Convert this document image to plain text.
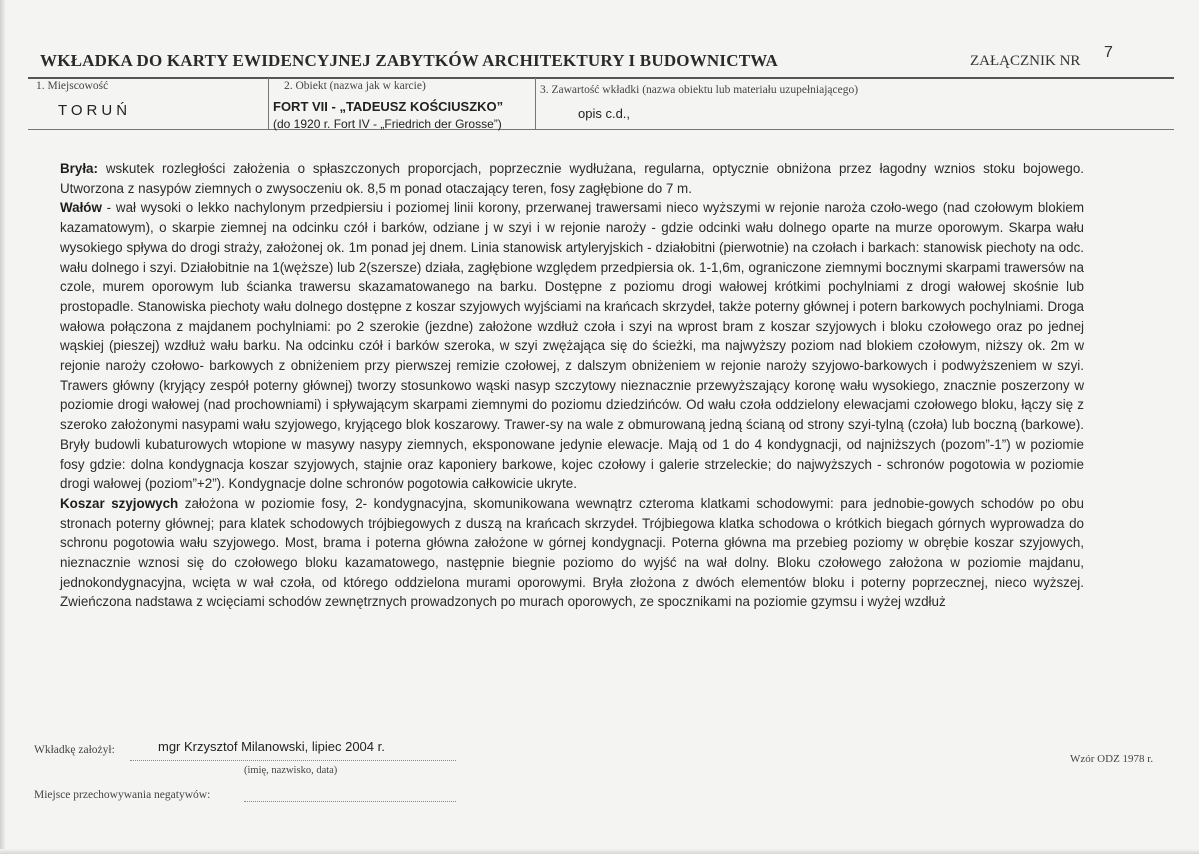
WKŁADKA DO KARTY EWIDENCYJNEJ ZABYTKÓW ARCHITEKTURY I BUDOWNICTWA	ZAŁĄCZNIK NR 7
1. Miejscowość
TORUŃ
2. Obiekt (nazwa jak w karcie)
FORT VII - „TADEUSZ KOŚCIUSZKO”
(do 1920 r. Fort IV - „Friedrich der Grosse”)
3. Zawartość wkładki (nazwa obiektu lub materiału uzupełniającego)
opis c.d.,

Bryła: wskutek rozległości założenia o spłaszczonych proporcjach, poprzecznie wydłużana, regularna, optycznie obniżona przez łagodny wznios stoku bojowego. Utworzona z nasypów ziemnych o zwysoczeniu ok. 8,5 m ponad otaczający teren, fosy zagłębione do 7 m.

Wałów - wał wysoki o lekko nachylonym przedpiersiu i poziomej linii korony, przerwanej trawersami nieco wyższymi w rejonie naroża czoło-wego (nad czołowym blokiem kazamatowym), o skarpie ziemnej na odcinku czół i barków, odziane j w szyi i w rejonie naroży - gdzie odcinki wału dolnego oparte na murze oporowym. Skarpa wału wysokiego spływa do drogi straży, założonej ok. 1m ponad jej dnem. Linia stanowisk artyleryjskich - działobitni (pierwotnie) na czołach i barkach: stanowisk piechoty na odc. wału dolnego i szyi. Działobitnie na 1(węższe) lub 2(szersze) działa, zagłębione względem przedpiersia ok. 1-1,6m, ograniczone ziemnymi bocznymi skarpami trawersów na czole, murem oporowym lub ścianka trawersu skazamatowanego na barku. Dostępne z poziomu drogi wałowej krótkimi pochylniami z drogi wałowej skośnie lub prostopadle. Stanowiska piechoty wału dolnego dostępne z koszar szyjowych wyjściami na krańcach skrzydeł, także poterny głównej i potern barkowych pochylniami. Droga wałowa połączona z majdanem pochylniami: po 2 szerokie (jezdne) założone wzdłuż czoła i szyi na wprost bram z koszar szyjowych i bloku czołowego oraz po jednej wąskiej (pieszej) wzdłuż wału barku. Na odcinku czół i barków szeroka, w szyi zwężająca się do ścieżki, ma najwyższy poziom nad blokiem czołowym, niższy ok. 2m w rejonie naroży czołowo- barkowych z obniżeniem przy pierwszej remizie czołowej, z dalszym obniżeniem w rejonie naroży szyjowo-barkowych i podwyższeniem w szyi. Trawers główny (kryjący zespół poterny głównej) tworzy stosunkowo wąski nasyp szczytowy nieznacznie przewyższający koronę wału wysokiego, znacznie poszerzony w poziomie drogi wałowej (nad prochowniami) i spływającym skarpami ziemnymi do poziomu dziedzińców. Od wału czoła oddzielony elewacjami czołowego bloku, łączy się z szeroko założonymi nasypami wału szyjowego, kryjącego blok koszarowy. Trawer-sy na wale z obmurowaną jedną ścianą od strony szyi-tylną (czoła) lub boczną (barkowe). Bryły budowli kubaturowych wtopione w masywy nasypy ziemnych, eksponowane jedynie elewacje. Mają od 1 do 4 kondygnacji, od najniższych (pozom”-1”) w poziomie fosy gdzie: dolna kondygnacja koszar szyjowych, stajnie oraz kaponiery barkowe, kojec czołowy i galerie strzeleckie; do najwyższych - schronów pogotowia w poziomie drogi wałowej (poziom”+2”). Kondygnacje dolne schronów pogotowia całkowicie ukryte.

Koszar szyjowych założona w poziomie fosy, 2- kondygnacyjna, skomunikowana wewnątrz czteroma klatkami schodowymi: para jednobie-gowych schodów po obu stronach poterny głównej; para klatek schodowych trójbiegowych z duszą na krańcach skrzydeł. Trójbiegowa klatka schodowa o krótkich biegach górnych wyprowadza do schronu pogotowia wału szyjowego. Most, brama i poterna główna założone w górnej kondygnacji. Poterna główna ma przebieg poziomy w obrębie koszar szyjowych, nieznacznie wznosi się do czołowego bloku kazamatowego, następnie biegnie poziomo do wyjść na wał dolny. Bloku czołowego założona w poziomie majdanu, jednokondygnacyjna, wcięta w wał czoła, od którego oddzielona murami oporowymi. Bryła złożona z dwóch elementów bloku i poterny poprzecznej, nieco wyższej. Zwieńczona nadstawa z wcięciami schodów zewnętrznych prowadzonych po murach oporowych, ze spocznikami na poziomie gzymsu i wyżej wzdłuż

Wkładkę założył:	mgr Krzysztof Milanowski, lipiec 2004 r.
(imię, nazwisko, data)
Miejsce przechowywania negatywów:
Wzór ODZ 1978 r.
